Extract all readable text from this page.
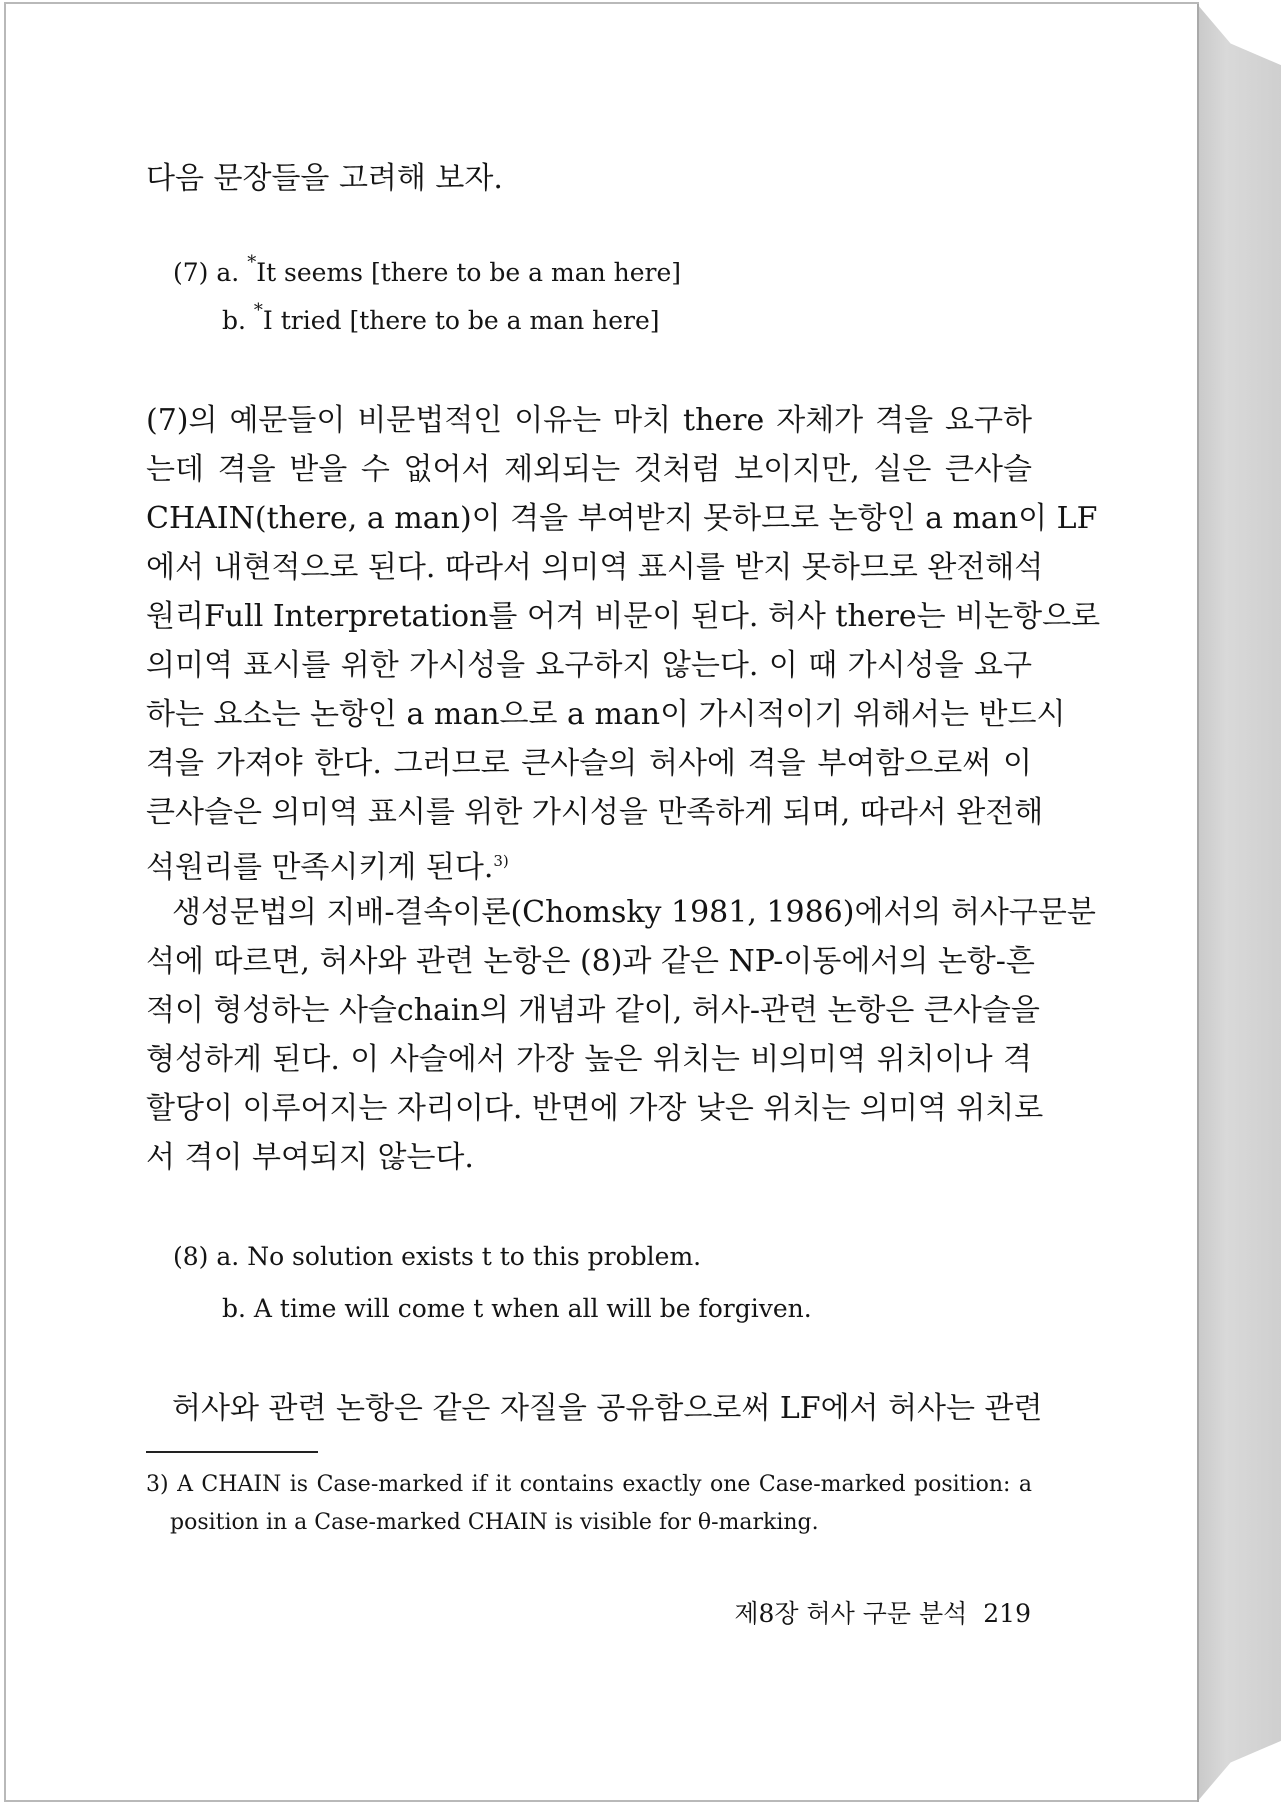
다음 문장들을 고려해 보자.

(7) a. *It seems [there to be a man here]
b. *I tried [there to be a man here]

(7)의 예문들이 비문법적인 이유는 마치 there 자체가 격을 요구하
는데 격을 받을 수 없어서 제외되는 것처럼 보이지만, 실은 큰사슬
CHAIN(there, a man)이 격을 부여받지 못하므로 논항인 a man이 LF
에서 내현적으로 된다. 따라서 의미역 표시를 받지 못하므로 완전해석
원리Full Interpretation를 어겨 비문이 된다. 허사 there는 비논항으로
의미역 표시를 위한 가시성을 요구하지 않는다. 이 때 가시성을 요구
하는 요소는 논항인 a man으로 a man이 가시적이기 위해서는 반드시
격을 가져야 한다. 그러므로 큰사슬의 허사에 격을 부여함으로써 이
큰사슬은 의미역 표시를 위한 가시성을 만족하게 되며, 따라서 완전해
석원리를 만족시키게 된다.$^{3)}$

생성문법의 지배-결속이론(Chomsky 1981, 1986)에서의 허사구문분
석에 따르면, 허사와 관련 논항은 (8)과 같은 NP-이동에서의 논항-흔
적이 형성하는 사슬chain의 개념과 같이, 허사-관련 논항은 큰사슬을
형성하게 된다. 이 사슬에서 가장 높은 위치는 비의미역 위치이나 격
할당이 이루어지는 자리이다. 반면에 가장 낮은 위치는 의미역 위치로
서 격이 부여되지 않는다.

(8) a. No solution exists t to this problem.
b. A time will come t when all will be forgiven.

허사와 관련 논항은 같은 자질을 공유함으로써 LF에서 허사는 관련

3) A CHAIN is Case-marked if it contains exactly one Case-marked position: a
position in a Case-marked CHAIN is visible for θ-marking.

제8장 허사 구문 분석 219
